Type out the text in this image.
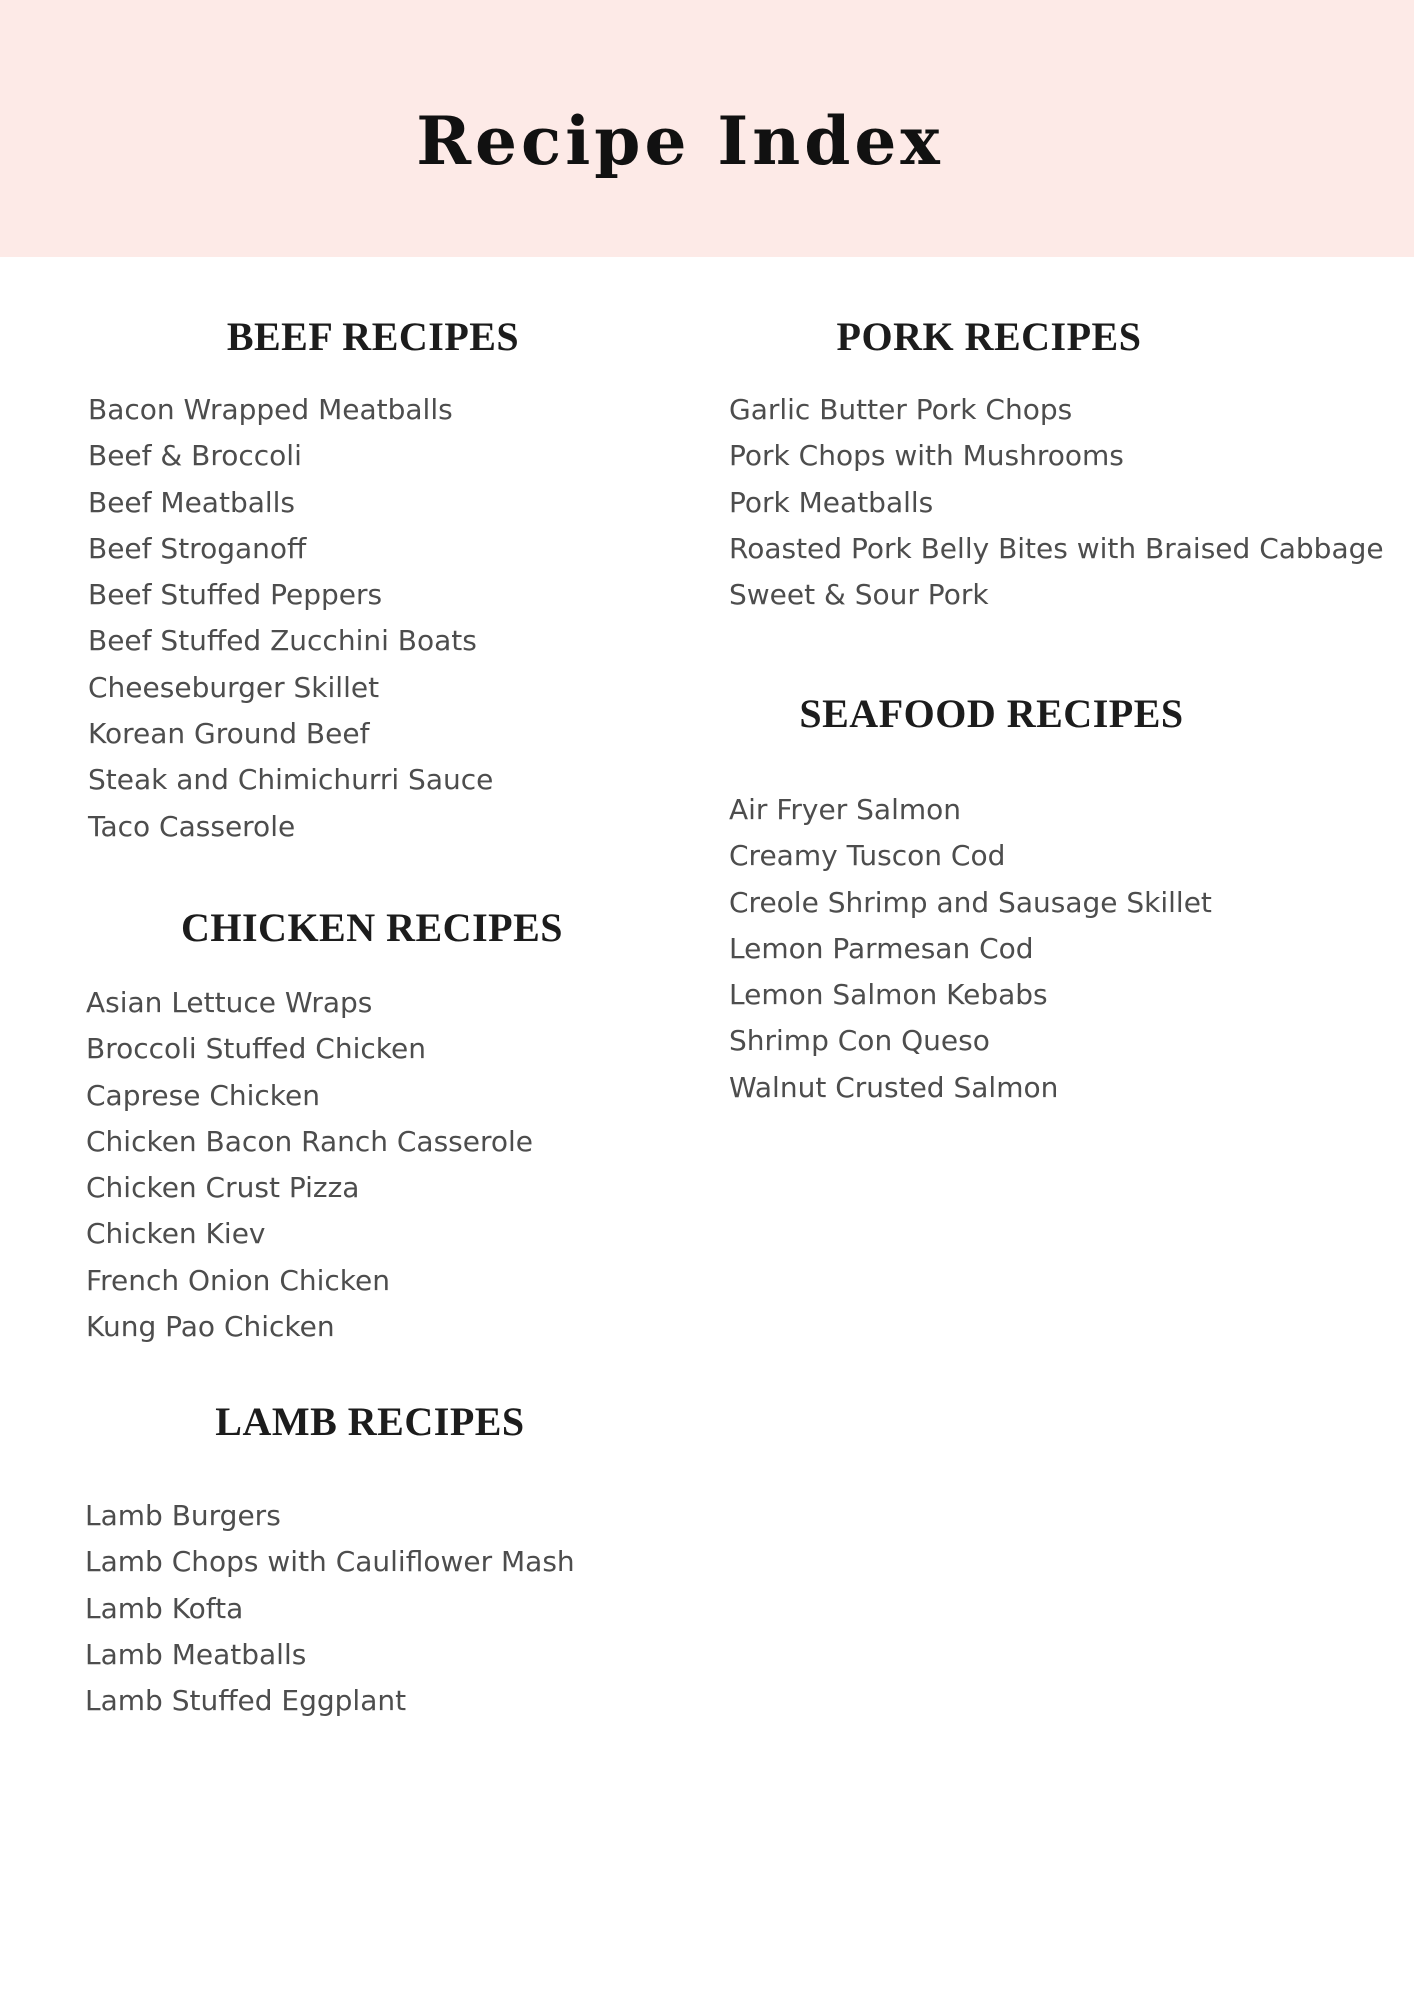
Recipe Index
BEEF RECIPES
Bacon Wrapped Meatballs
Beef & Broccoli
Beef Meatballs
Beef Stroganoff
Beef Stuffed Peppers
Beef Stuffed Zucchini Boats
Cheeseburger Skillet
Korean Ground Beef
Steak and Chimichurri Sauce
Taco Casserole
CHICKEN RECIPES
Asian Lettuce Wraps
Broccoli Stuffed Chicken
Caprese Chicken
Chicken Bacon Ranch Casserole
Chicken Crust Pizza
Chicken Kiev
French Onion Chicken
Kung Pao Chicken
LAMB RECIPES
Lamb Burgers
Lamb Chops with Cauliflower Mash
Lamb Kofta
Lamb Meatballs
Lamb Stuffed Eggplant
PORK RECIPES
Garlic Butter Pork Chops
Pork Chops with Mushrooms
Pork Meatballs
Roasted Pork Belly Bites with Braised Cabbage
Sweet & Sour Pork
SEAFOOD RECIPES
Air Fryer Salmon
Creamy Tuscon Cod
Creole Shrimp and Sausage Skillet
Lemon Parmesan Cod
Lemon Salmon Kebabs
Shrimp Con Queso
Walnut Crusted Salmon
